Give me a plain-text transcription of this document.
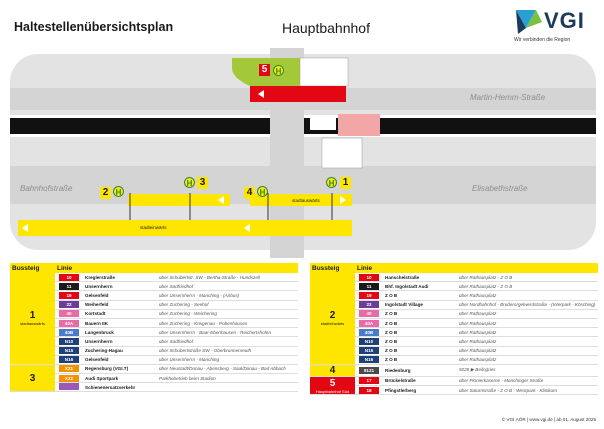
Haltestellenübersichtsplan	Hauptbahnhof	VGI
Wir verbinden die Region
Martin-Hemm-Straße
Bahnhofstraße	Elisabethstraße
5	H
2 H
H 3
4 H
H 1
stadtauswärts
stadteinwärts
Bussteig	Linie		
1
stadtauswärts	10	Kreglerstraße	über Schubertstr. SW - Bertha-Straße - Hundszell
	11	Unsernherrn	über Südfriedhof
	19	Gelsenfeld	über Unsernherrn - Manching - (Airbus)
	22	Weiherfeld	über Zuchering - Seehof
	40	Kortstadt	über Zuchering - Weichering
	40A	Bauern IIK	über Zuchering - Kreigenau - Pobenhausen
	40B	Langenbruck	über Unsernherrn - Baar-Ebenhausen - Reichertshofen
	N10	Unsernherrn	über Südfriedhof
	N15	Zuchering-Hagau	über Schubertstraße SW - Oberbrunnenreuth
	N16	Gelsenfeld	über Unsernherrn - Manching
3	X21	Regensburg (VGI.T)	über Neustadt/Donau - Abensberg - Saal/Donau - Bad Abbach
	X22	Audi Sportpark	Parkhebetrieb beim Stadion
		Schienenersatzverkehr	
Bussteig	Linie		
2
stadteinwärts	10	Hanschelstraße	über Rathausplatz - Z O B
	11	Bhf. Ingolstadt Audi	über Rathausplatz - Z O B
	19	Z O B	über Rathausplatz
	22	Ingolstadt Village	über Nordbahnhof - Bruderorgelwerdstraße - (Interpark - Kösching)
	40	Z O B	über Rathausplatz
	40A	Z O B	über Rathausplatz
	40B	Z O B	über Rathausplatz
	N10	Z O B	über Rathausplatz
	N15	Z O B	über Rathausplatz
	N16	Z O B	über Rathausplatz
4	9121	Riedenburg	9228 ▶ Beilngries
5
Hauptbahnhof Süd	17	Brückelstraße	über Pionierkaserne - Manchinger Straße
	18	Pfingstlerberg	über Saturnstraße - Z O B - Westpark - Klinikum
© VGI.AÖR | www.vgi.de | ab 01. August 2025
